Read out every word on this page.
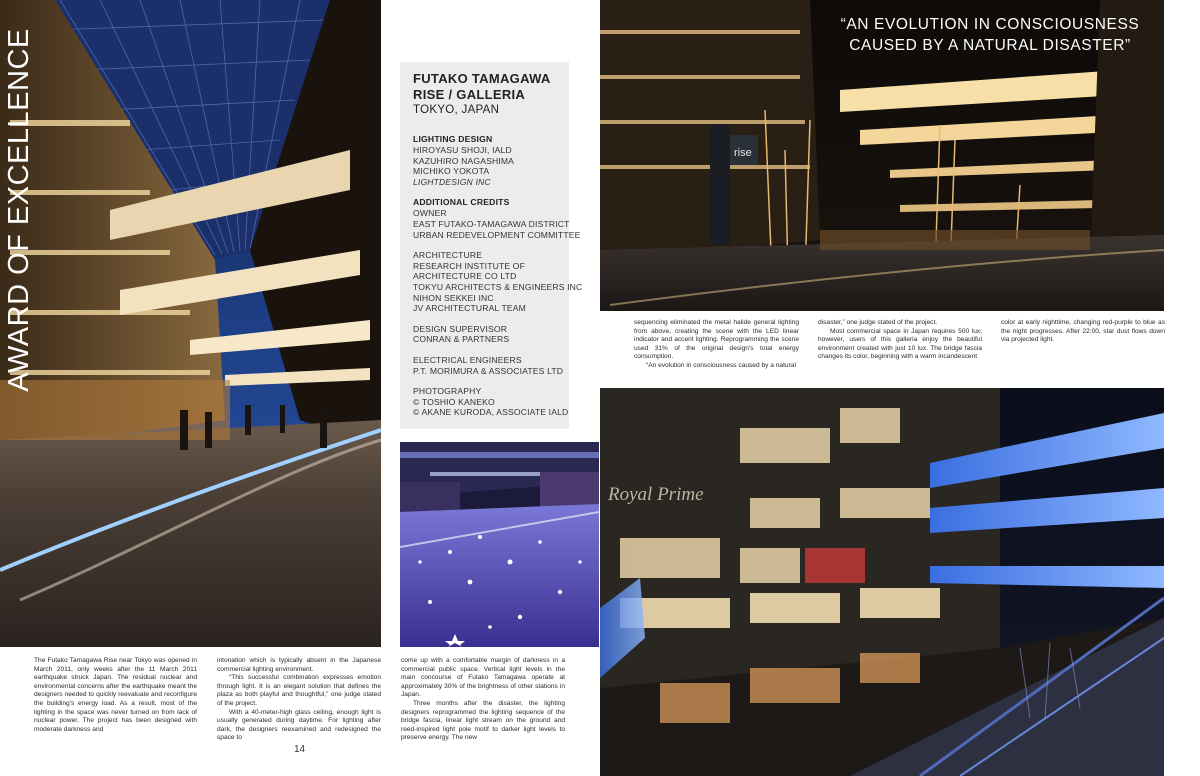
AWARD OF EXCELLENCE	rise
“AN EVOLUTION IN CONSCIOUSNESS
CAUSED BY A NATURAL DISASTER”
FUTAKO TAMAGAWA
RISE / GALLERIA
TOKYO, JAPAN
LIGHTING DESIGN
HIROYASU SHOJI, IALD
KAZUHIRO NAGASHIMA
MICHIKO YOKOTA
LIGHTDESIGN INC
ADDITIONAL CREDITS
OWNER
EAST FUTAKO-TAMAGAWA DISTRICT
URBAN REDEVELOPMENT COMMITTEE
ARCHITECTURE
RESEARCH INSTITUTE OF
ARCHITECTURE CO LTD
TOKYU ARCHITECTS & ENGINEERS INC
NIHON SEKKEI INC
JV ARCHITECTURAL TEAM
DESIGN SUPERVISOR
CONRAN & PARTNERS
ELECTRICAL ENGINEERS
P.T. MORIMURA & ASSOCIATES LTD
PHOTOGRAPHY
© TOSHIO KANEKO
© AKANE KURODA, ASSOCIATE IALD
Royal Prime

The Futako Tamagawa Rise near Tokyo was opened in March 2011, only weeks after the 11 March 2011 earthquake struck Japan. The residual nuclear and environmental concerns after the earthquake meant the designers needed to quickly reevaluate and reconfigure the building's energy load. As a result, most of the lighting in the space was never turned on from lack of nuclear power. The project has been designed with moderate darkness and

intonation which is typically absent in the Japanese commercial lighting environment.

“This successful combination expresses emotion through light. It is an elegant solution that defines the plaza as both playful and thoughtful,” one judge stated of the project.

With a 40-meter-high glass ceiling, enough light is usually generated during daytime. For lighting after dark, the designers reexamined and redesigned the space to

come up with a comfortable margin of darkness in a commercial public space. Vertical light levels in the main concourse of Futako Tamagawa operate at approximately 30% of the brightness of other stations in Japan.

Three months after the disaster, the lighting designers reprogrammed the lighting sequence of the bridge fascia, linear light stream on the ground and reed-inspired light pole motif to darker light levels to preserve energy. The new

sequencing eliminated the metal halide general lighting from above, creating the scene with the LED linear indicator and accent lighting. Reprogramming the scene used 31% of the original design's total energy consumption.

“An evolution in consciousness caused by a natural

disaster,” one judge stated of the project.

Most commercial space in Japan requires 500 lux; however, users of this galleria enjoy the beautiful environment created with just 10 lux. The bridge fascia changes its color, beginning with a warm incandescent

color at early nighttime, changing red-purple to blue as the night progresses. After 22:00, star dust flows down via projected light.

14
